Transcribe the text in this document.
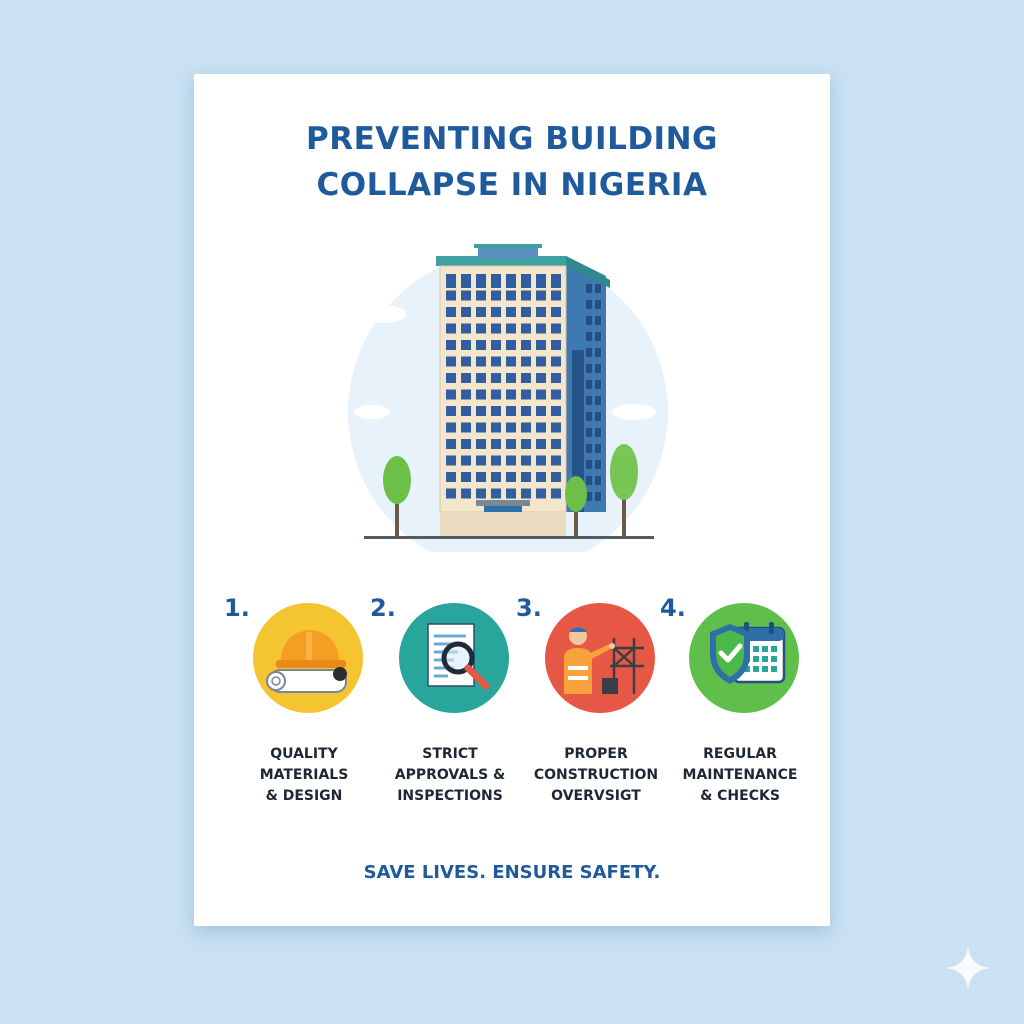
PREVENTING BUILDING
COLLAPSE IN NIGERIA
1.
QUALITY
MATERIALS
& DESIGN
2.
STRICT
APPROVALS &
INSPECTIONS
3.
PROPER
CONSTRUCTION
OVERVSIGT
4.
REGULAR
MAINTENANCE
& CHECKS
SAVE LIVES. ENSURE SAFETY.
